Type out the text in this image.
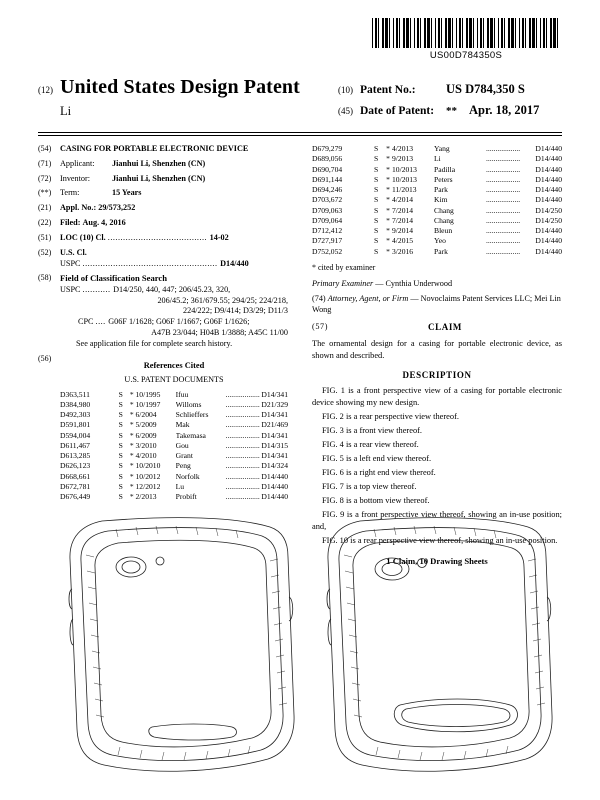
US00D784350S
(12) United States Design Patent
Li
(10) Patent No.:	US D784,350 S
(45) Date of Patent:	** Apr. 18, 2017
(54)	CASING FOR PORTABLE ELECTRONIC DEVICE
(71)	Applicant: Jianhui Li, Shenzhen (CN)
(72)	Inventor:	Jianhui Li, Shenzhen (CN)
(**)	Term:	15 Years
(21)	Appl. No.: 29/573,252
(22)	Filed: Aug. 4, 2016
(51)	LOC (10) Cl. ....................................... 14-02
(52)	U.S. Cl.
USPC ..................................................... D14/440
(58)	Field of Classification Search
USPC ........... D14/250, 440, 447; 206/45.23, 320,
206/45.2; 361/679.55; 294/25; 224/218,
224/222; D9/414; D3/29; D11/3
CPC .... G06F 1/1628; G06F 1/1667; G06F 1/1626;
A47B 23/044; H04B 1/3888; A45C 11/00
See application file for complete search history.
(56)
References Cited
U.S. PATENT DOCUMENTS
D363,511	S	*	10/1995	Ifuu	..................	D14/341
D384,980	S	*	10/1997	Willoms	..................	D21/329
D492,303	S	*	6/2004	Schlieffers	..................	D14/341
D591,801	S	*	5/2009	Mak	..................	D21/469
D594,004	S	*	6/2009	Takemasa	..................	D14/341
D611,467	S	*	3/2010	Gou	..................	D14/315
D613,285	S	*	4/2010	Grant	..................	D14/341
D626,123	S	*	10/2010	Peng	..................	D14/324
D668,661	S	*	10/2012	Norfolk	..................	D14/440
D672,781	S	*	12/2012	Lu	..................	D14/440
D676,449	S	*	2/2013	Probift	..................	D14/440
D679,279	S	*	4/2013	Yang	..................	D14/440
D689,056	S	*	9/2013	Li	..................	D14/440
D690,704	S	*	10/2013	Padilla	..................	D14/440
D691,144	S	*	10/2013	Peters	..................	D14/440
D694,246	S	*	11/2013	Park	..................	D14/440
D703,672	S	*	4/2014	Kim	..................	D14/440
D709,063	S	*	7/2014	Chang	..................	D14/250
D709,064	S	*	7/2014	Chang	..................	D14/250
D712,412	S	*	9/2014	Bleun	..................	D14/440
D727,917	S	*	4/2015	Yeo	..................	D14/440
D752,052	S	*	3/2016	Park	..................	D14/440
* cited by examiner
Primary Examiner — Cynthia Underwood
(74) Attorney, Agent, or Firm — Novoclaims Patent Services LLC; Mei Lin Wong
(57)	CLAIM
The ornamental design for a casing for portable electronic device, as shown and described.
DESCRIPTION
FIG. 1 is a front perspective view of a casing for portable electronic device showing my new design.
FIG. 2 is a rear perspective view thereof.
FIG. 3 is a front view thereof.
FIG. 4 is a rear view thereof.
FIG. 5 is a left end view thereof.
FIG. 6 is a right end view thereof.
FIG. 7 is a top view thereof.
FIG. 8 is a bottom view thereof.
FIG. 9 is a front perspective view thereof, showing an in-use position; and,
FIG. 10 is a rear perspective view thereof, showing an in-use position.
1 Claim, 10 Drawing Sheets
